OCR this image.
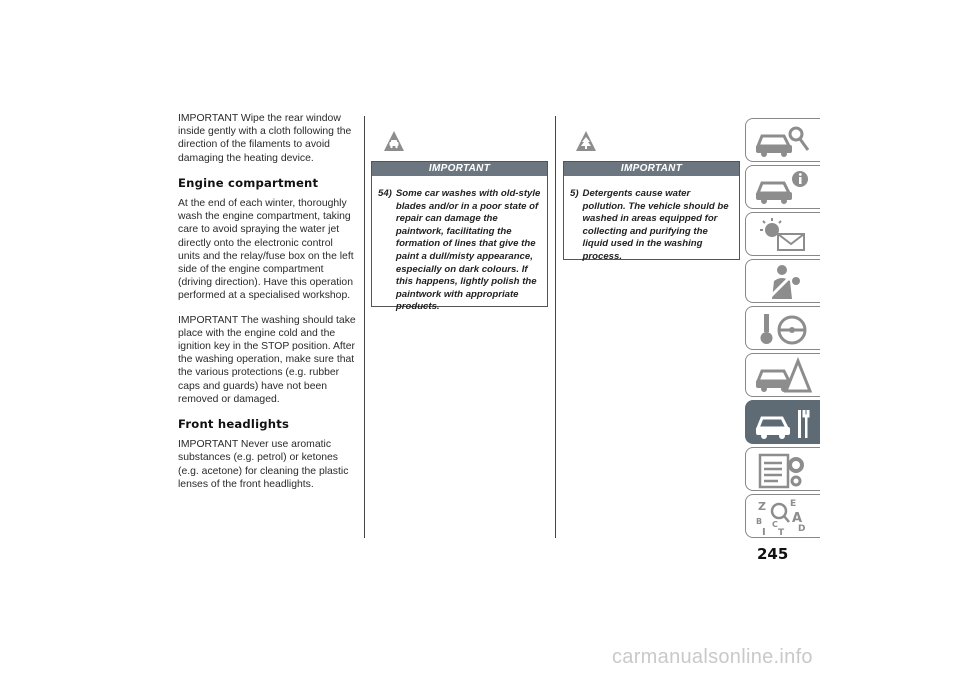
IMPORTANT Wipe the rear window inside gently with a cloth following the direction of the filaments to avoid damaging the heating device.

Engine compartment

At the end of each winter, thoroughly wash the engine compartment, taking care to avoid spraying the water jet directly onto the electronic control units and the relay/fuse box on the left side of the engine compartment (driving direction). Have this operation performed at a specialised workshop.

IMPORTANT The washing should take place with the engine cold and the ignition key in the STOP position. After the washing operation, make sure that the various protections (e.g. rubber caps and guards) have not been removed or damaged.

Front headlights

IMPORTANT Never use aromatic substances (e.g. petrol) or ketones (e.g. acetone) for cleaning the plastic lenses of the front headlights.

IMPORTANT
54) Some car washes with old-style blades and/or in a poor state of repair can damage the paintwork, facilitating the formation of lines that give the paint a dull/misty appearance, especially on dark colours. If this happens, lightly polish the paintwork with appropriate products.
IMPORTANT
5) Detergents cause water pollution. The vehicle should be washed in areas equipped for collecting and purifying the liquid used in the washing process.
Z	E
B A
C D
I T
245
carmanualsonline.info
